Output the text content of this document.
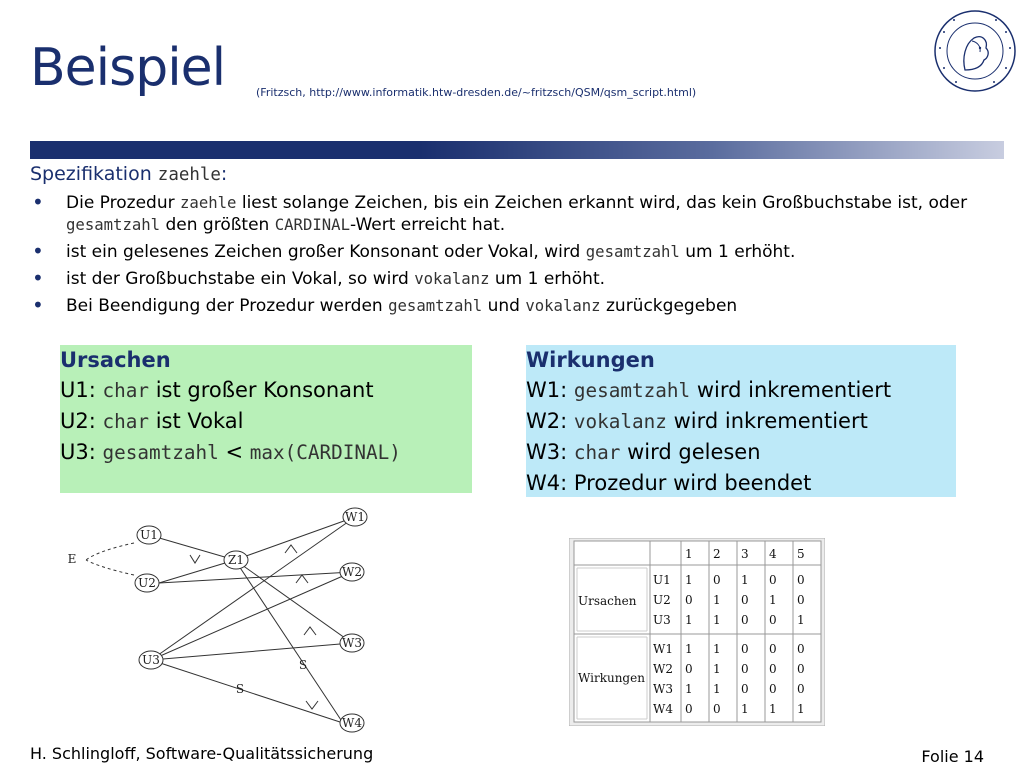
Beispiel	(Fritzsch, http://www.informatik.htw-dresden.de/~fritzsch/QSM/qsm_script.html)
Spezifikation zaehle:
• Die Prozedur zaehle liest solange Zeichen, bis ein Zeichen erkannt wird, das kein Großbuchstabe ist, oder gesamtzahl den größten CARDINAL-Wert erreicht hat.
• ist ein gelesenes Zeichen großer Konsonant oder Vokal, wird gesamtzahl um 1 erhöht.
• ist der Großbuchstabe ein Vokal, so wird vokalanz um 1 erhöht.
• Bei Beendigung der Prozedur werden gesamtzahl und vokalanz zurückgegeben
Ursachen
U1: char ist großer Konsonant
U2: char ist Vokal
U3: gesamtzahl < max(CARDINAL)
Wirkungen
W1: gesamtzahl wird inkrementiert
W2: vokalanz wird inkrementiert
W3: char wird gelesen
W4: Prozedur wird beendet
U1
U2
Z1
U3
W1
W2
W3
W4
E
S
S
1 2 3 4 5
Ursachen
Wirkungen
U1
U2
U3
W1
W2
W3
W4
1 0 1 0 0
0 1 0 1 0
1 1 0 0 1
1 1 0 0 0
0 1 0 0 0
1 1 0 0 0
0 0 1 1 1
H. Schlingloff, Software-Qualitätssicherung	Folie 14
